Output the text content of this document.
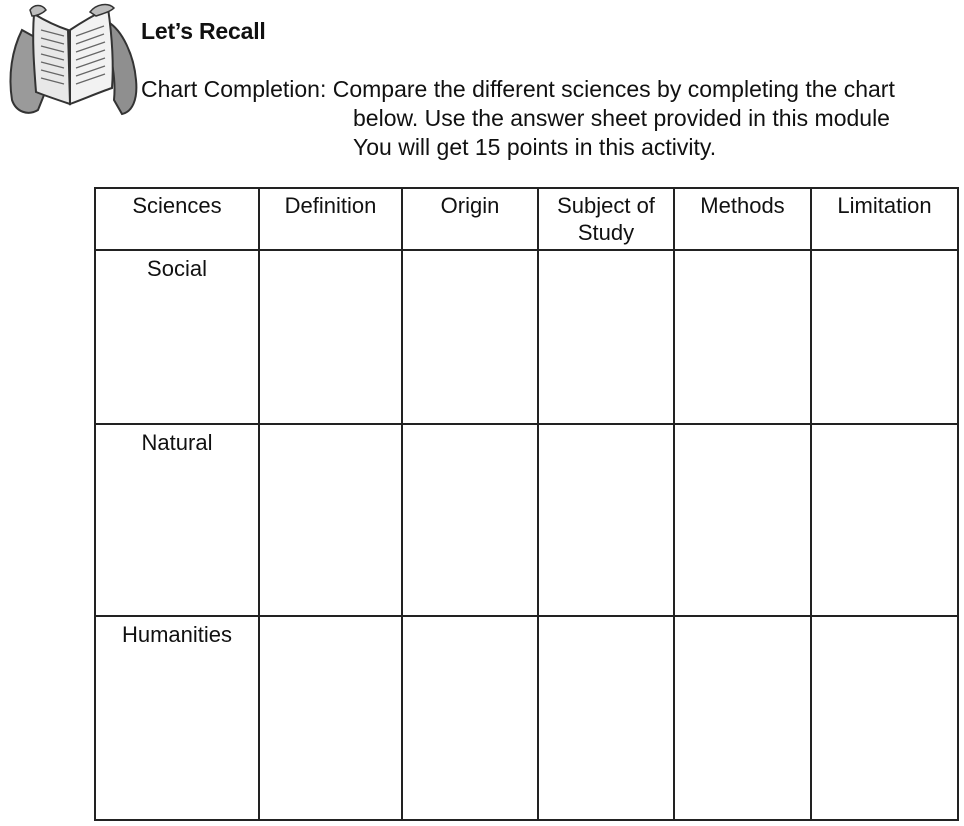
Let’s Recall
Chart Completion: Compare the different sciences by completing the chart
below. Use the answer sheet provided in this module
You will get 15 points in this activity.
Sciences	Definition	Origin	Subject of Study	Methods	Limitation
Social					
Natural					
Humanities					
